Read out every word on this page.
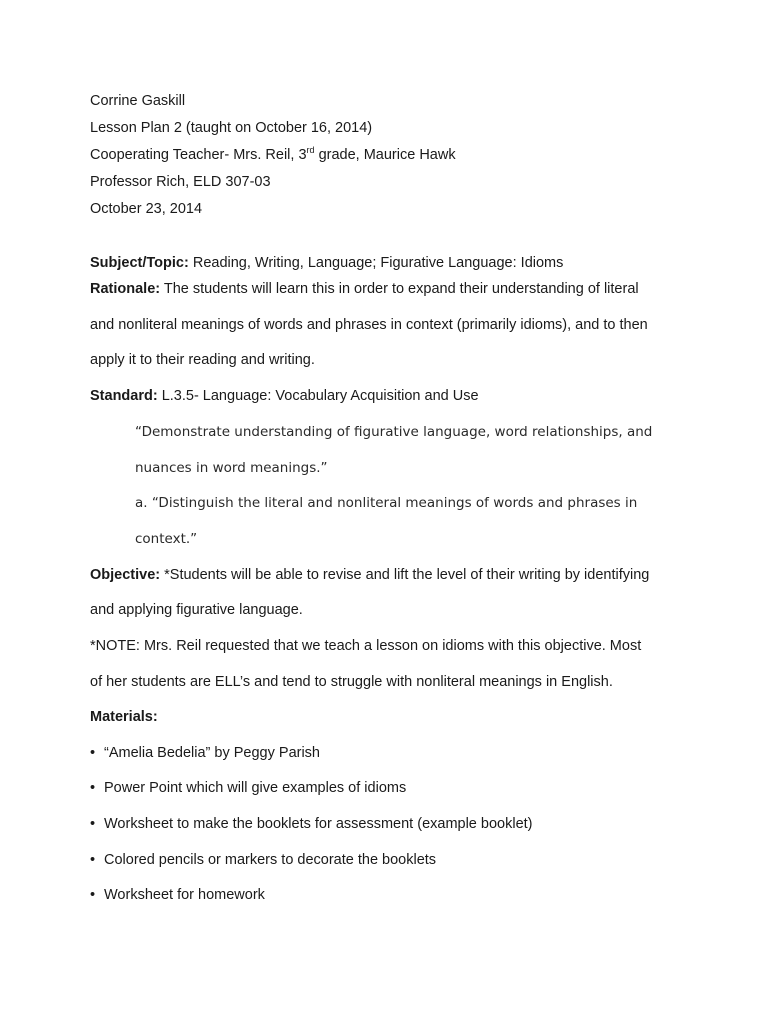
Corrine Gaskill
Lesson Plan 2 (taught on October 16, 2014)
Cooperating Teacher- Mrs. Reil, 3rd grade, Maurice Hawk
Professor Rich, ELD 307-03
October 23, 2014
Subject/Topic: Reading, Writing, Language; Figurative Language: Idioms
Rationale: The students will learn this in order to expand their understanding of literal
and nonliteral meanings of words and phrases in context (primarily idioms), and to then
apply it to their reading and writing.
Standard: L.3.5- Language: Vocabulary Acquisition and Use
“Demonstrate understanding of figurative language, word relationships, and
nuances in word meanings.”
a. “Distinguish the literal and nonliteral meanings of words and phrases in
context.”
Objective: *Students will be able to revise and lift the level of their writing by identifying
and applying figurative language.
*NOTE: Mrs. Reil requested that we teach a lesson on idioms with this objective. Most
of her students are ELL’s and tend to struggle with nonliteral meanings in English.
Materials:
• “Amelia Bedelia” by Peggy Parish
• Power Point which will give examples of idioms
• Worksheet to make the booklets for assessment (example booklet)
• Colored pencils or markers to decorate the booklets
• Worksheet for homework
